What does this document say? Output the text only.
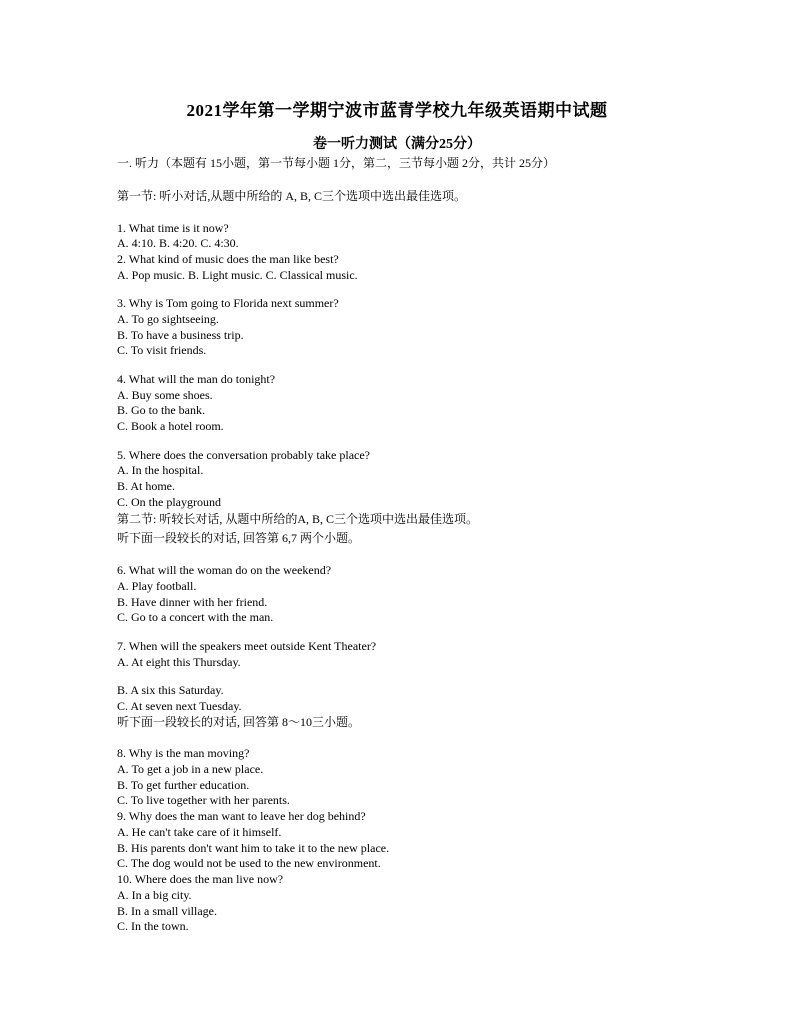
2021学年第一学期宁波市蓝青学校九年级英语期中试题
卷一听力测试（满分25分）
一. 听力（本题有 15小题，第一节每小题 1分，第二，三节每小题 2分，共计 25分）
第一节: 听小对话,从题中所给的 A, B, C三个选项中选出最佳选项。
1. What time is it now?
A. 4:10. B. 4:20. C. 4:30.
2. What kind of music does the man like best?
A. Pop music. B. Light music. C. Classical music.
3. Why is Tom going to Florida next summer?
A. To go sightseeing.
B. To have a business trip.
C. To visit friends.
4. What will the man do tonight?
A. Buy some shoes.
B. Go to the bank.
C. Book a hotel room.
5. Where does the conversation probably take place?
A. In the hospital.
B. At home.
C. On the playground
第二节: 听较长对话, 从题中所给的A, B, C三个选项中选出最佳选项。
听下面一段较长的对话, 回答第 6,7 两个小题。
6. What will the woman do on the weekend?
A. Play football.
B. Have dinner with her friend.
C. Go to a concert with the man.
7. When will the speakers meet outside Kent Theater?
A. At eight this Thursday.
B. A six this Saturday.
C. At seven next Tuesday.
听下面一段较长的对话, 回答第 8～10三小题。
8. Why is the man moving?
A. To get a job in a new place.
B. To get further education.
C. To live together with her parents.
9. Why does the man want to leave her dog behind?
A. He can't take care of it himself.
B. His parents don't want him to take it to the new place.
C. The dog would not be used to the new environment.
10. Where does the man live now?
A. In a big city.
B. In a small village.
C. In the town.
